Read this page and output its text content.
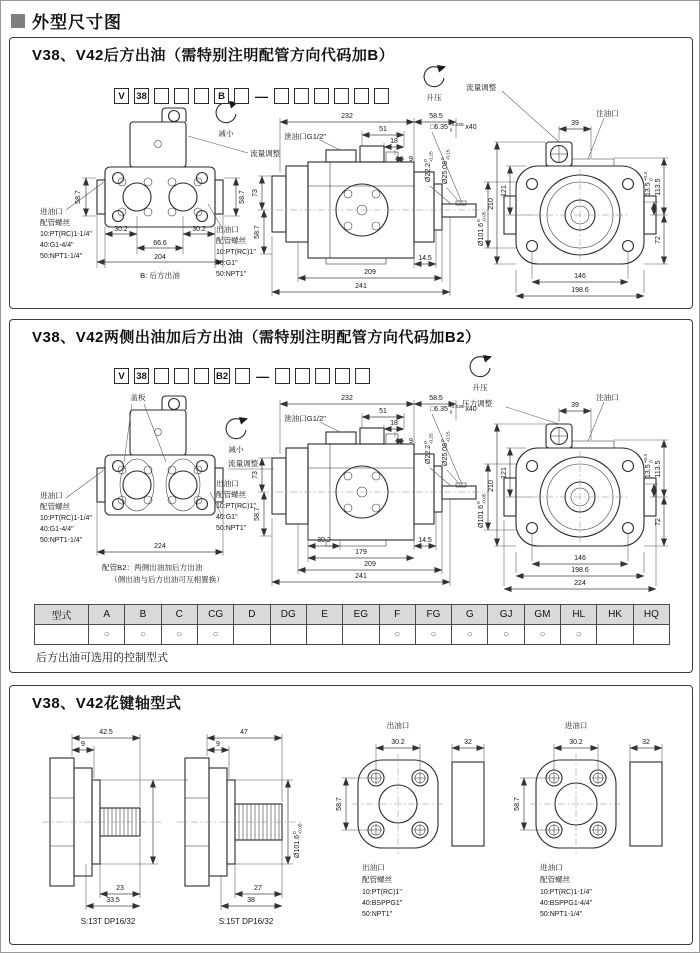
外型尺寸图
V38、V42后方出油（需特别注明配管方向代码加B）
V	38	B	—
58.7	58.7
30.2	30.2
66.6
204
B: 后方出油
减小
流量调整
进油口
配管螺丝
10:PT(RC)1-1/4"
40:G1-4/4"
50:NPT1-1/4"
出油口
配管螺丝
10:PT(RC)1"
40:G1"
50:NPT1"
232	58.5
51
18
9
泄油口G1/2"
73
58.7
14.5
209
241
Ø22.2$^0$-0.25
Ø25.08$^0$-0.15
升压
流量调整
39
注油口
$□6.35^{+0.025}$ 0 x40
Ø101.6$^0$-0.05
210
121	$13.5^{+0.3}0$ 113.5
72
146
198.6
V38、V42两侧出油加后方出油（需特别注明配管方向代码加B2）
V	38	B2 —
盖板
224
配管B2：两侧出油加后方出油
（侧出油与后方出油可互相置换）
减小
流量调整
进油口
配管螺丝
10:PT(RC)1-1/4"
40:G1-4/4"
50:NPT1-1/4"
出油口
配管螺丝
10:PT(RC)1"
40:G1"
50:NPT1"
232	58.5
51
18
9
泄油口G1/2"
73
58.7
30.2	14.5
179
209
241
Ø22.2$^0$-0.25
Ø25.08$^0$-0.15
升压
压力调整	39
注油口
$□6.35^{+0.025}$ 0 x40
Ø101.6$^0$-0.05
210
121	$13.5^{+0.3}0$ 113.5
72
146
198.6
224
型式	A	B	C	CG	D	DG	E	EG	F	FG	G	GJ	GM	HL	HK	HQ
	○	○	○	○					○	○	○	○	○	○		
后方出油可选用的控制型式
V38、V42花键轴型式
42.5
9
23
33.5
S:13T DP16/32
47
9
Ø101.6$^0$-0.05
27
38
S:15T DP16/32
出油口
30.2	32
58.7
出油口
配管螺丝
10:PT(RC)1"
40:BSPPG1"
50:NPT1"
进油口
30.2	32
58.7
进油口
配管螺丝
10:PT(RC)1-1/4"
40:BSPPG1-4/4"
50:NPT1-1/4"
